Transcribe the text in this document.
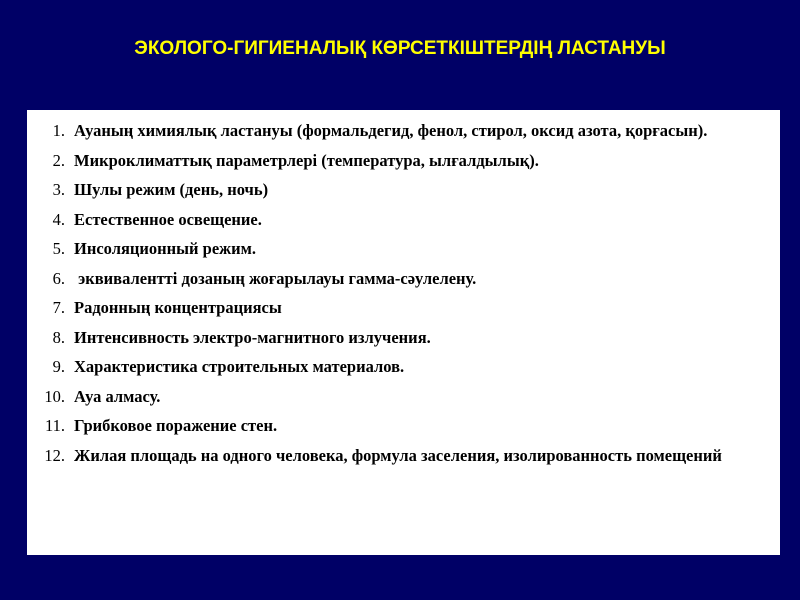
ЭКОЛОГО-ГИГИЕНАЛЫҚ КӨРСЕТКІШТЕРДІҢ ЛАСТАНУЫ
1. Ауаның химиялық ластануы (формальдегид, фенол, стирол, оксид азота, қорғасын).
2. Микроклиматтық параметрлері (температура, ылғалдылық).
3. Шулы режим (день, ночь)
4. Естественное освещение.
5. Инсоляционный режим.
6. эквивалентті дозаның жоғарылауы гамма-сәулелену.
7. Радонның концентрациясы
8. Интенсивность электро-магнитного излучения.
9. Характеристика строительных материалов.
10. Ауа алмасу.
11. Грибковое поражение стен.
12. Жилая площадь на одного человека, формула заселения, изолированность помещений
